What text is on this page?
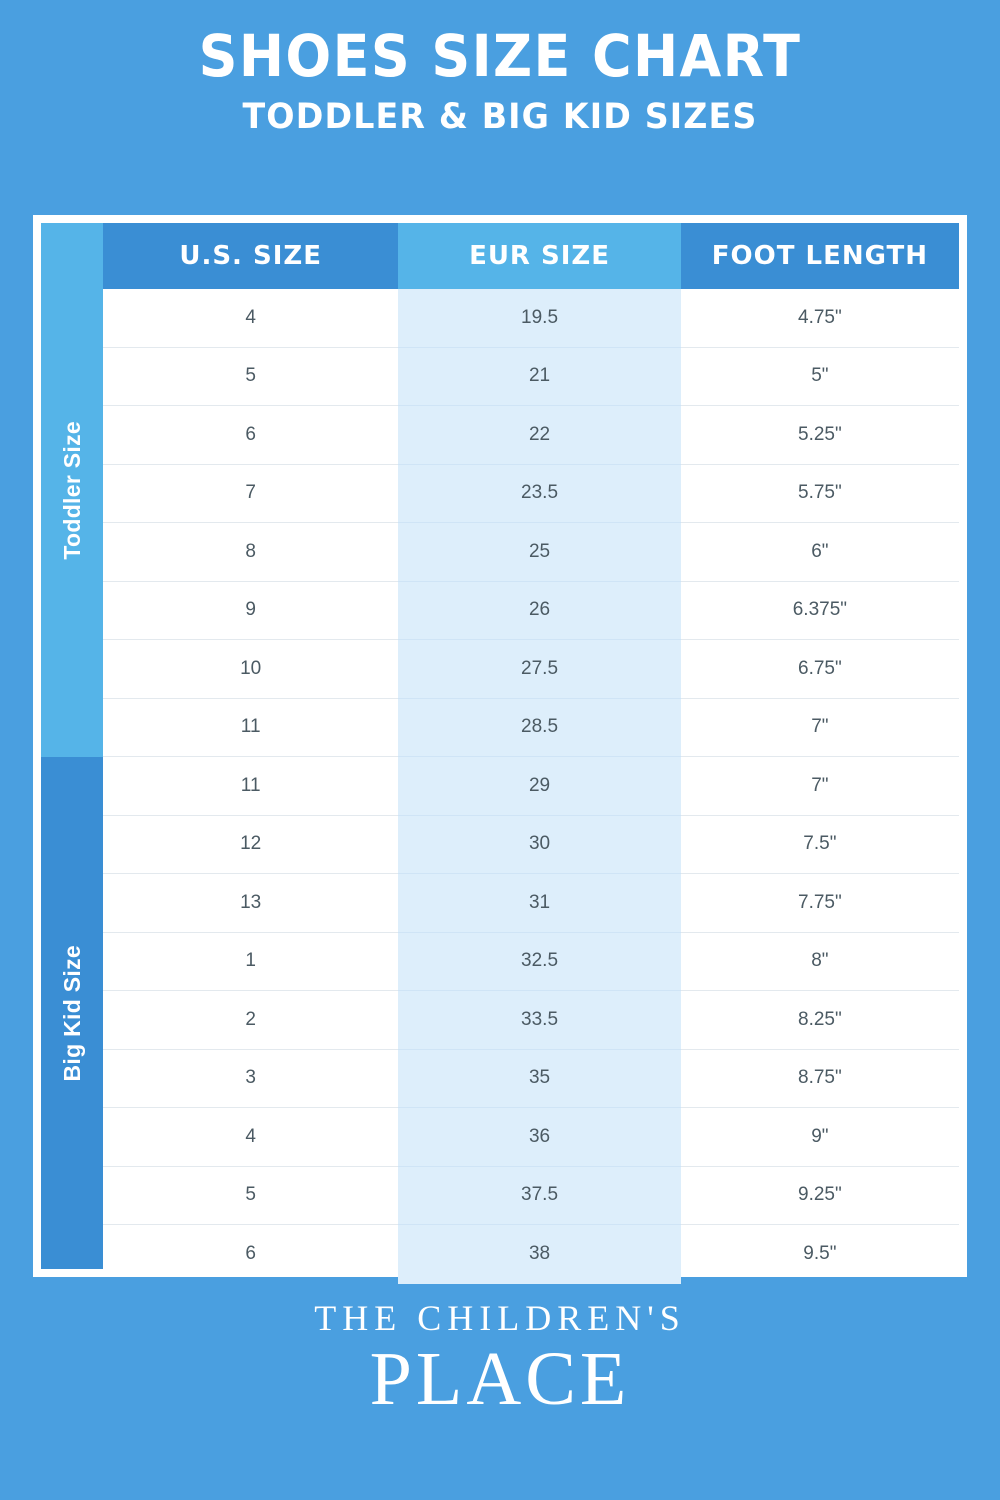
SHOES SIZE CHART
TODDLER & BIG KID SIZES
Toddler Size
Big Kid Size
U.S. SIZE	EUR SIZE	FOOT LENGTH
4	19.5	4.75"
5	21	5"
6	22	5.25"
7	23.5	5.75"
8	25	6"
9	26	6.375"
10	27.5	6.75"
11	28.5	7"
11	29	7"
12	30	7.5"
13	31	7.75"
1	32.5	8"
2	33.5	8.25"
3	35	8.75"
4	36	9"
5	37.5	9.25"
6	38	9.5"
THE CHILDREN'S
PLACE
